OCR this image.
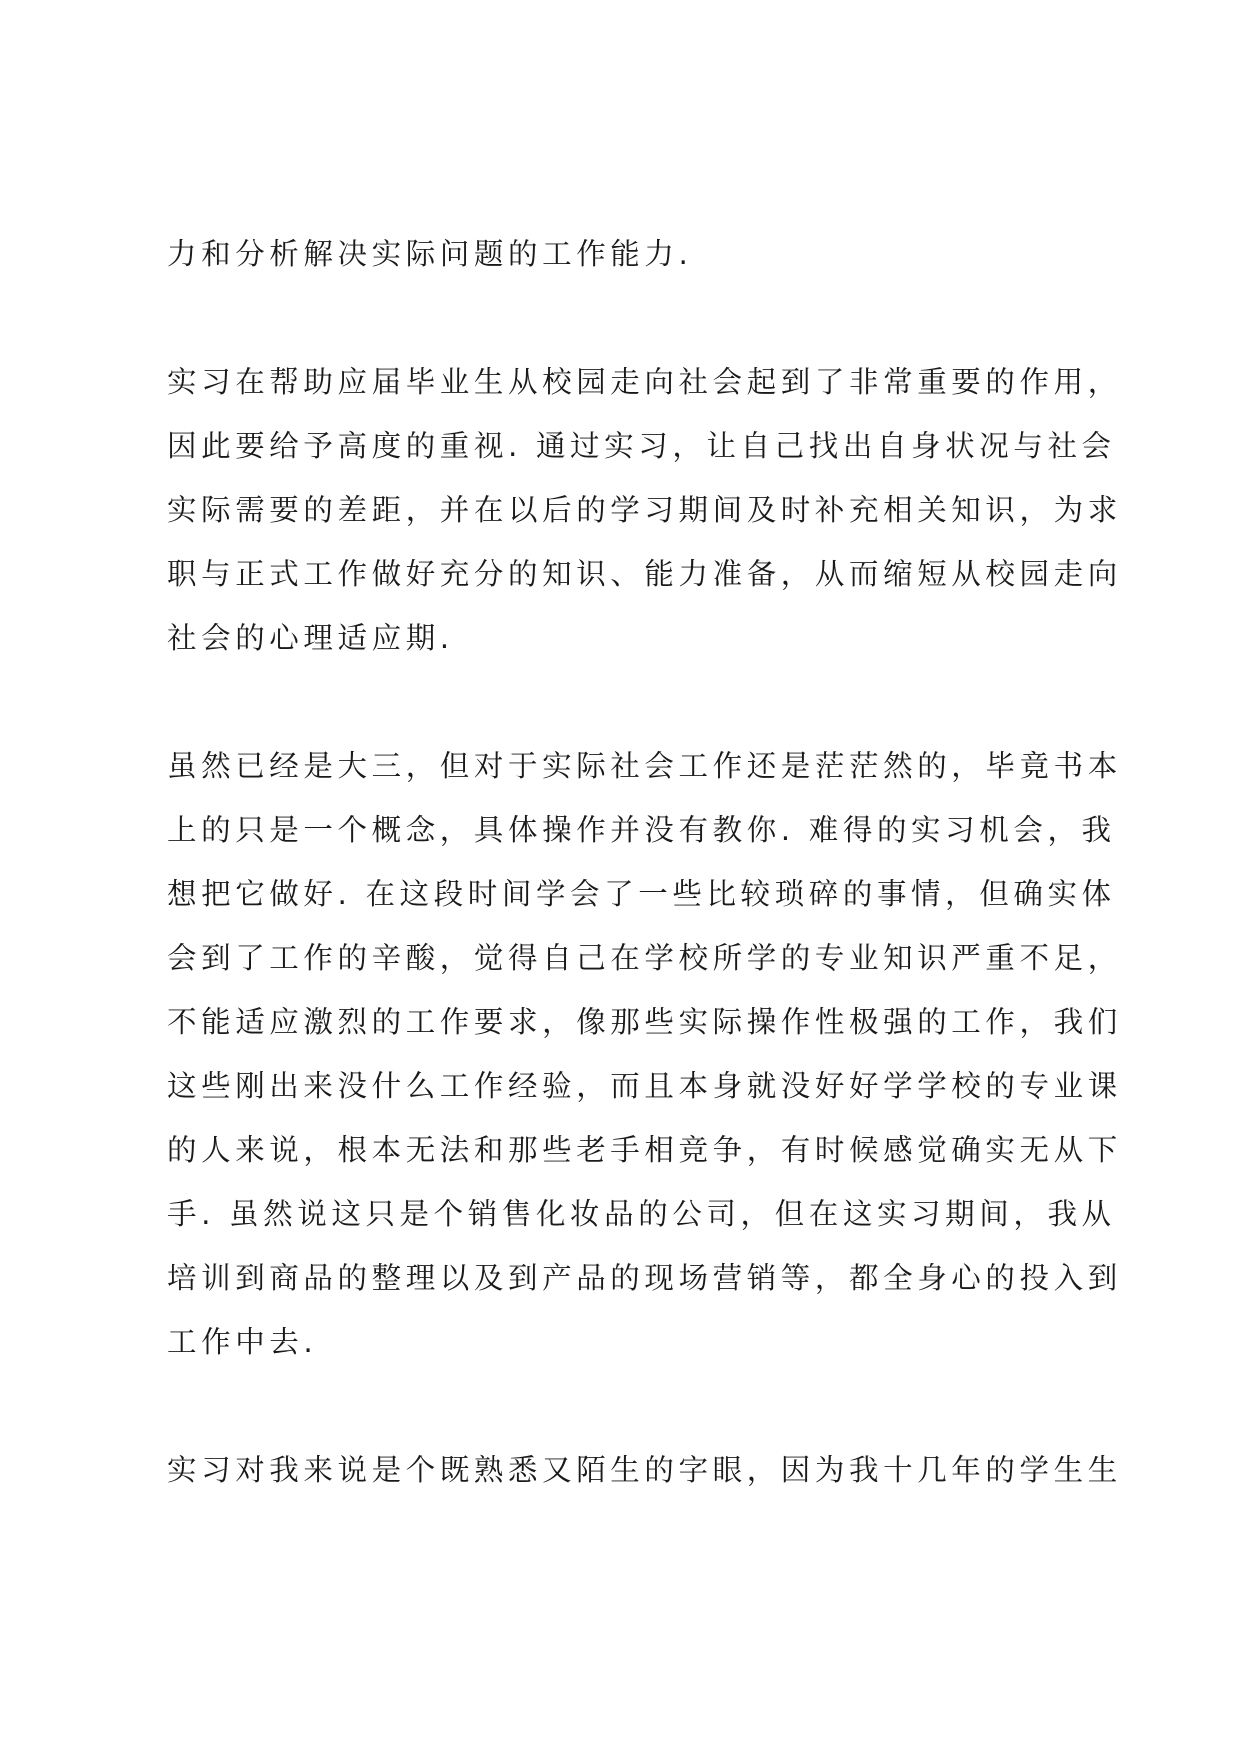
力和分析解决实际问题的工作能力.
实习在帮助应届毕业生从校园走向社会起到了非常重要的作用，
因此要给予高度的重视. 通过实习，让自己找出自身状况与社会
实际需要的差距，并在以后的学习期间及时补充相关知识，为求
职与正式工作做好充分的知识、能力准备，从而缩短从校园走向
社会的心理适应期.
虽然已经是大三，但对于实际社会工作还是茫茫然的，毕竟书本
上的只是一个概念，具体操作并没有教你. 难得的实习机会，我
想把它做好. 在这段时间学会了一些比较琐碎的事情，但确实体
会到了工作的辛酸，觉得自己在学校所学的专业知识严重不足，
不能适应激烈的工作要求，像那些实际操作性极强的工作，我们
这些刚出来没什么工作经验，而且本身就没好好学学校的专业课
的人来说，根本无法和那些老手相竞争，有时候感觉确实无从下
手. 虽然说这只是个销售化妆品的公司，但在这实习期间，我从
培训到商品的整理以及到产品的现场营销等，都全身心的投入到
工作中去.
实习对我来说是个既熟悉又陌生的字眼，因为我十几年的学生生
